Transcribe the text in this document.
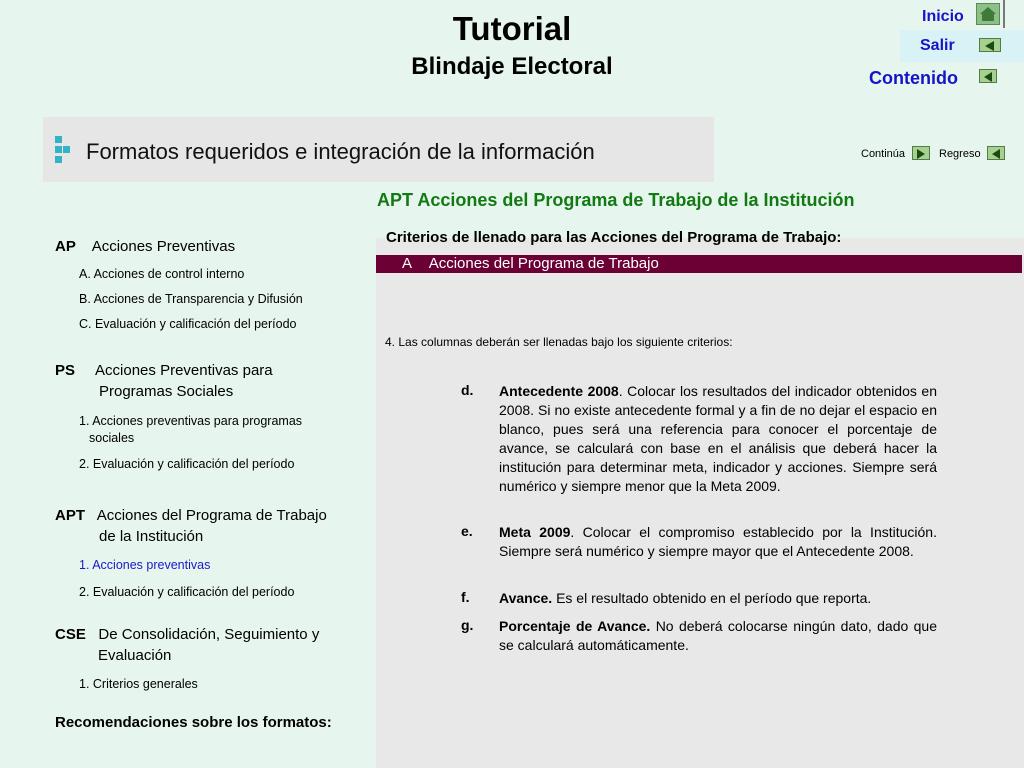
Tutorial
Blindaje Electoral
Inicio
Salir
Contenido
Formatos requeridos e integración de la información	Continúa	Regreso
APT Acciones del Programa de Trabajo de la Institución
Criterios de llenado para las Acciones del Programa de Trabajo:
A Acciones del Programa de Trabajo
4. Las columnas deberán ser llenadas bajo los siguiente criterios:
d. Antecedente 2008. Colocar los resultados del indicador obtenidos en 2008. Si no existe antecedente formal y a fin de no dejar el espacio en blanco, pues será una referencia para conocer el porcentaje de avance, se calculará con base en el análisis que deberá hacer la institución para determinar meta, indicador y acciones. Siempre será numérico y siempre menor que la Meta 2009.
e. Meta 2009. Colocar el compromiso establecido por la Institución. Siempre será numérico y siempre mayor que el Antecedente 2008.
f. Avance. Es el resultado obtenido en el período que reporta.
g. Porcentaje de Avance. No deberá colocarse ningún dato, dado que se calculará automáticamente.
AP Acciones Preventivas
A. Acciones de control interno
B. Acciones de Transparencia y Difusión
C. Evaluación y calificación del período
PS Acciones Preventivas para
Programas Sociales
1. Acciones preventivas para programas
sociales
2. Evaluación y calificación del período
APT Acciones del Programa de Trabajo
de la Institución
1. Acciones preventivas
2. Evaluación y calificación del período
CSE De Consolidación, Seguimiento y
Evaluación
1. Criterios generales
Recomendaciones sobre los formatos:
